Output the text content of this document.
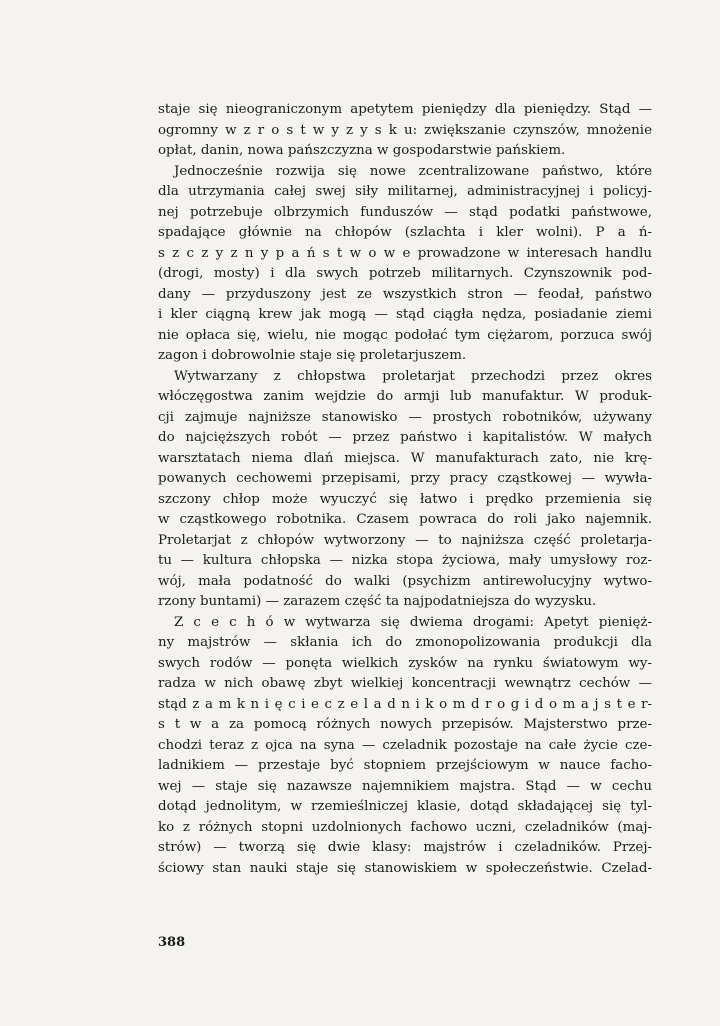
staje się nieograniczonym apetytem pieniędzy dla pieniędzy. Stąd —
ogromny w z r o s t w y z y s k u: zwiększanie czynszów, mnożenie
opłat, danin, nowa pańszczyzna w gospodarstwie pańskiem.
Jednocześnie rozwija się nowe zcentralizowane państwo, które
dla utrzymania całej swej siły militarnej, administracyjnej i policyj-
nej potrzebuje olbrzymich funduszów — stąd podatki państwowe,
spadające głównie na chłopów (szlachta i kler wolni). P a ń-
s z c z y z n y p a ń s t w o w e prowadzone w interesach handlu
(drogi, mosty) i dla swych potrzeb militarnych. Czynszownik pod-
dany — przyduszony jest ze wszystkich stron — feodał, państwo
i kler ciągną krew jak mogą — stąd ciągła nędza, posiadanie ziemi
nie opłaca się, wielu, nie mogąc podołać tym ciężarom, porzuca swój
zagon i dobrowolnie staje się proletarjuszem.
Wytwarzany z chłopstwa proletarjat przechodzi przez okres
włóczęgostwa zanim wejdzie do armji lub manufaktur. W produk-
cji zajmuje najniższe stanowisko — prostych robotników, używany
do najcięższych robót — przez państwo i kapitalistów. W małych
warsztatach niema dlań miejsca. W manufakturach zato, nie krę-
powanych cechowemi przepisami, przy pracy cząstkowej — wywła-
szczony chłop może wyuczyć się łatwo i prędko przemienia się
w cząstkowego robotnika. Czasem powraca do roli jako najemnik.
Proletarjat z chłopów wytworzony — to najniższa część proletarja-
tu — kultura chłopska — nizka stopa życiowa, mały umysłowy roz-
wój, mała podatność do walki (psychizm antirewolucyjny wytwo-
rzony buntami) — zarazem część ta najpodatniejsza do wyzysku.
Z c e c h ó w wytwarza się dwiema drogami: Apetyt pienięż-
ny majstrów — skłania ich do zmonopolizowania produkcji dla
swych rodów — ponęta wielkich zysków na rynku światowym wy-
radza w nich obawę zbyt wielkiej koncentracji wewnątrz cechów —
stąd z a m k n i ę c i e c z e l a d n i k o m d r o g i d o m a j s t e r-
s t w a za pomocą różnych nowych przepisów. Majsterstwo prze-
chodzi teraz z ojca na syna — czeladnik pozostaje na całe życie cze-
ladnikiem — przestaje być stopniem przejściowym w nauce facho-
wej — staje się nazawsze najemnikiem majstra. Stąd — w cechu
dotąd jednolitym, w rzemieślniczej klasie, dotąd składającej się tyl-
ko z różnych stopni uzdolnionych fachowo uczni, czeladników (maj-
strów) — tworzą się dwie klasy: majstrów i czeladników. Przej-
ściowy stan nauki staje się stanowiskiem w społeczeństwie. Czelad-
388
